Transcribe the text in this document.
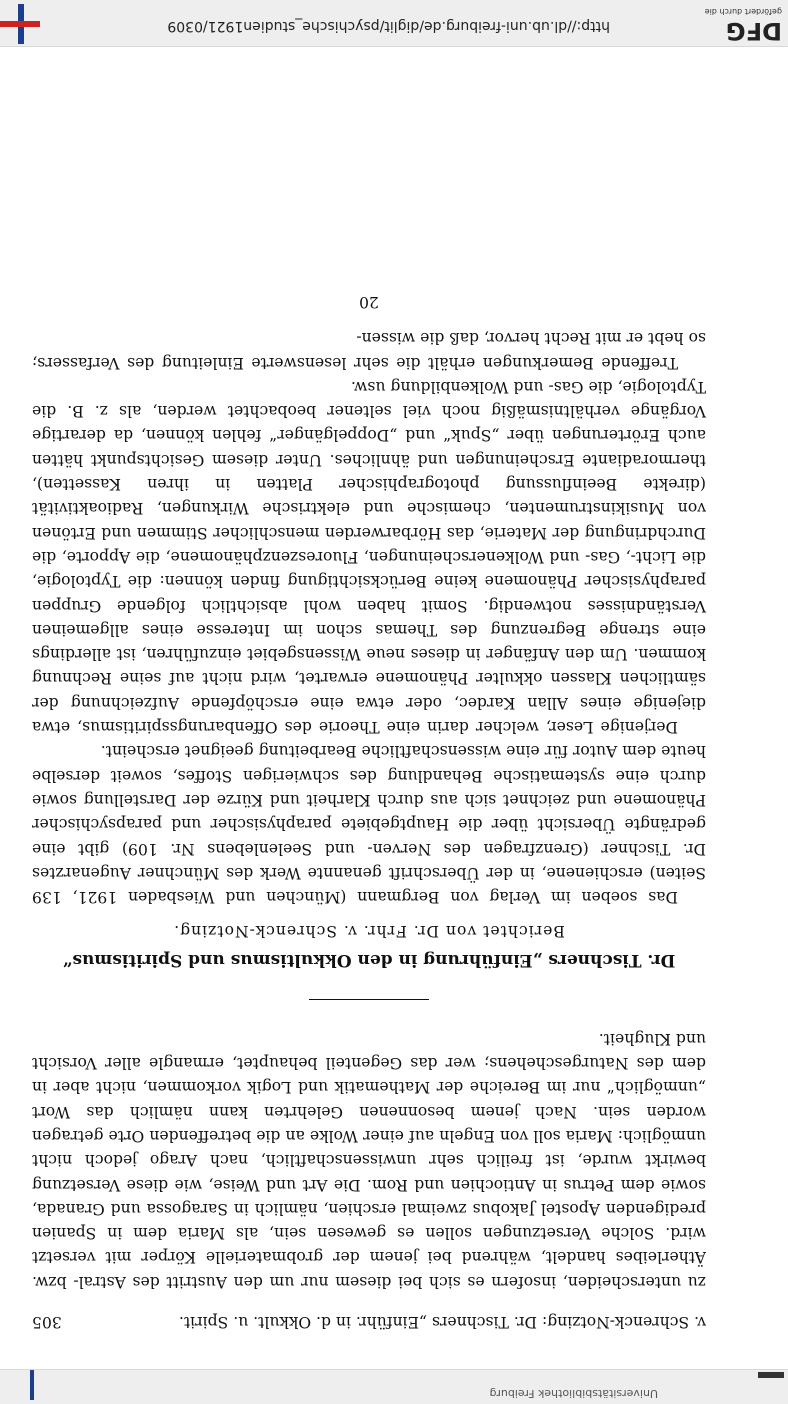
Universitätsbibliothek Freiburg
v. Schrenck-Notzing: Dr. Tischners „Einführ. in d. Okkult. u. Spirit.
305

zu unterscheiden, insofern es sich bei diesem nur um den Austritt des Astral- bzw. Ätherleibes handelt, während bei jenem der grobmaterielle Körper mit versetzt wird. Solche Versetzungen sollen es gewesen sein, als Maria dem in Spanien predigenden Apostel Jakobus zweimal erschien, nämlich in Saragossa und Granada, sowie dem Petrus in Antiochien und Rom. Die Art und Weise, wie diese Versetzung bewirkt wurde, ist freilich sehr unwissenschaftlich, nach Arago jedoch nicht unmöglich: Maria soll von Engeln auf einer Wolke an die betreffenden Orte getragen worden sein. Nach jenem besonnenen Gelehrten kann nämlich das Wort „unmöglich“ nur im Bereiche der Mathematik und Logik vorkommen, nicht aber in dem des Naturgeschehens; wer das Gegenteil behauptet, ermangle aller Vorsicht und Klugheit.

Dr. Tischners „Einführung in den Okkultismus und Spiritismus“
Berichtet von Dr. Frhr. v. Schrenck-Notzing.

Das soeben im Verlag von Bergmann (München und Wiesbaden 1921, 139 Seiten) erschienene, in der Überschrift genannte Werk des Münchner Augenarztes Dr. Tischner (Grenzfragen des Nerven- und Seelenlebens Nr. 109) gibt eine gedrängte Übersicht über die Hauptgebiete paraphysischer und parapsychischer Phänomene und zeichnet sich aus durch Klarheit und Kürze der Darstellung sowie durch eine systematische Behandlung des schwierigen Stoffes, soweit derselbe heute dem Autor für eine wissenschaftliche Bearbeitung geeignet erscheint.

Derjenige Leser, welcher darin eine Theorie des Offenbarungsspiritismus, etwa diejenige eines Allan Kardec, oder etwa eine erschöpfende Aufzeichnung der sämtlichen Klassen okkulter Phänomene erwartet, wird nicht auf seine Rechnung kommen. Um den Anfänger in dieses neue Wissensgebiet einzuführen, ist allerdings eine strenge Begrenzung des Themas schon im Interesse eines allgemeinen Verständnisses notwendig. Somit haben wohl absichtlich folgende Gruppen paraphysischer Phänomene keine Berücksichtigung finden können: die Typtologie, die Licht-, Gas- und Wolkenerscheinungen, Fluoreszenzphänomene, die Apporte, die Durchdringung der Materie, das Hörbarwerden menschlicher Stimmen und Ertönen von Musikinstrumenten, chemische und elektrische Wirkungen, Radioaktivität (direkte Beeinflussung photographischer Platten in ihren Kassetten), thermoradiante Erscheinungen und ähnliches. Unter diesem Gesichtspunkt hätten auch Erörterungen über „Spuk“ und „Doppelgänger“ fehlen können, da derartige Vorgänge verhältnismäßig noch viel seltener beobachtet werden, als z. B. die Typtologie, die Gas- und Wolkenbildung usw.

Treffende Bemerkungen erhält die sehr lesenswerte Einleitung des Verfassers; so hebt er mit Recht hervor, daß die wissen-

20
DFG
gefördert durch die
http://dl.ub.uni-freiburg.de/diglit/psychische_studien1921/0309
